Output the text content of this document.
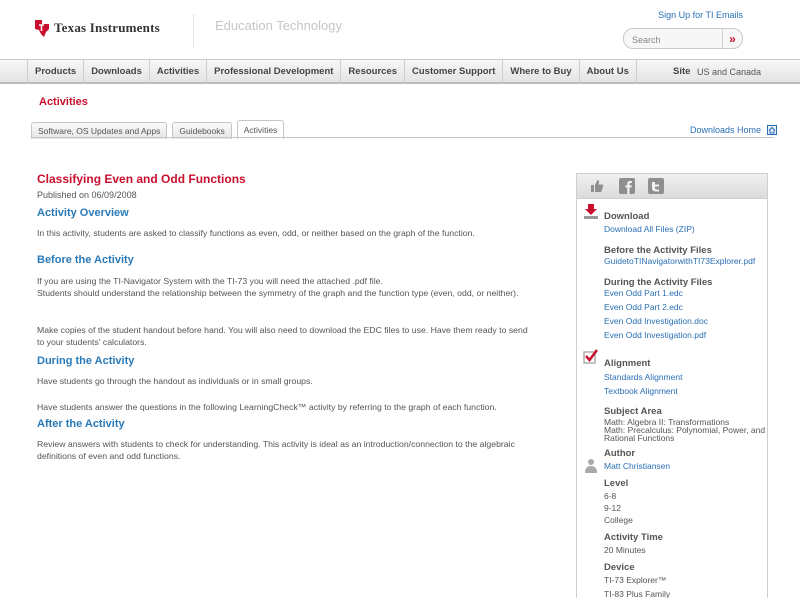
Texas Instruments	Education Technology
Sign Up for TI Emails
Search
»
Products	Downloads	Activities	Professional Development	Resources	Customer Support	Where to Buy	About Us	Site US and Canada
Activities
Software, OS Updates and Apps	Guidebooks	Activities	Downloads Home
Classifying Even and Odd Functions
Published on 06/09/2008
Activity Overview
In this activity, students are asked to classify functions as even, odd, or neither based on the graph of the function.
Before the Activity
If you are using the TI-Navigator System with the TI-73 you will need the attached .pdf file.
Students should understand the relationship between the symmetry of the graph and the function type (even, odd, or neither).
Make copies of the student handout before hand. You will also need to download the EDC files to use. Have them ready to send to your students' calculators.
During the Activity
Have students go through the handout as individuals or in small groups.
Have students answer the questions in the following LearningCheck™ activity by referring to the graph of each function.
After the Activity
Review answers with students to check for understanding. This activity is ideal as an introduction/connection to the algebraic definitions of even and odd functions.
Download
Download All Files (ZIP)
Before the Activity Files
GuidetoTINavigatorwithTI73Explorer.pdf
During the Activity Files
Even Odd Part 1.edc
Even Odd Part 2.edc
Even Odd Investigation.doc
Even Odd Investigation.pdf
Alignment
Standards Alignment
Textbook Alignment
Subject Area
Math: Algebra II: Transformations
Math: Precalculus: Polynomial, Power, and
Rational Functions
Author
Matt Christiansen
Level
6-8
9-12
College
Activity Time
20 Minutes
Device
TI-73 Explorer™
TI-83 Plus Family
